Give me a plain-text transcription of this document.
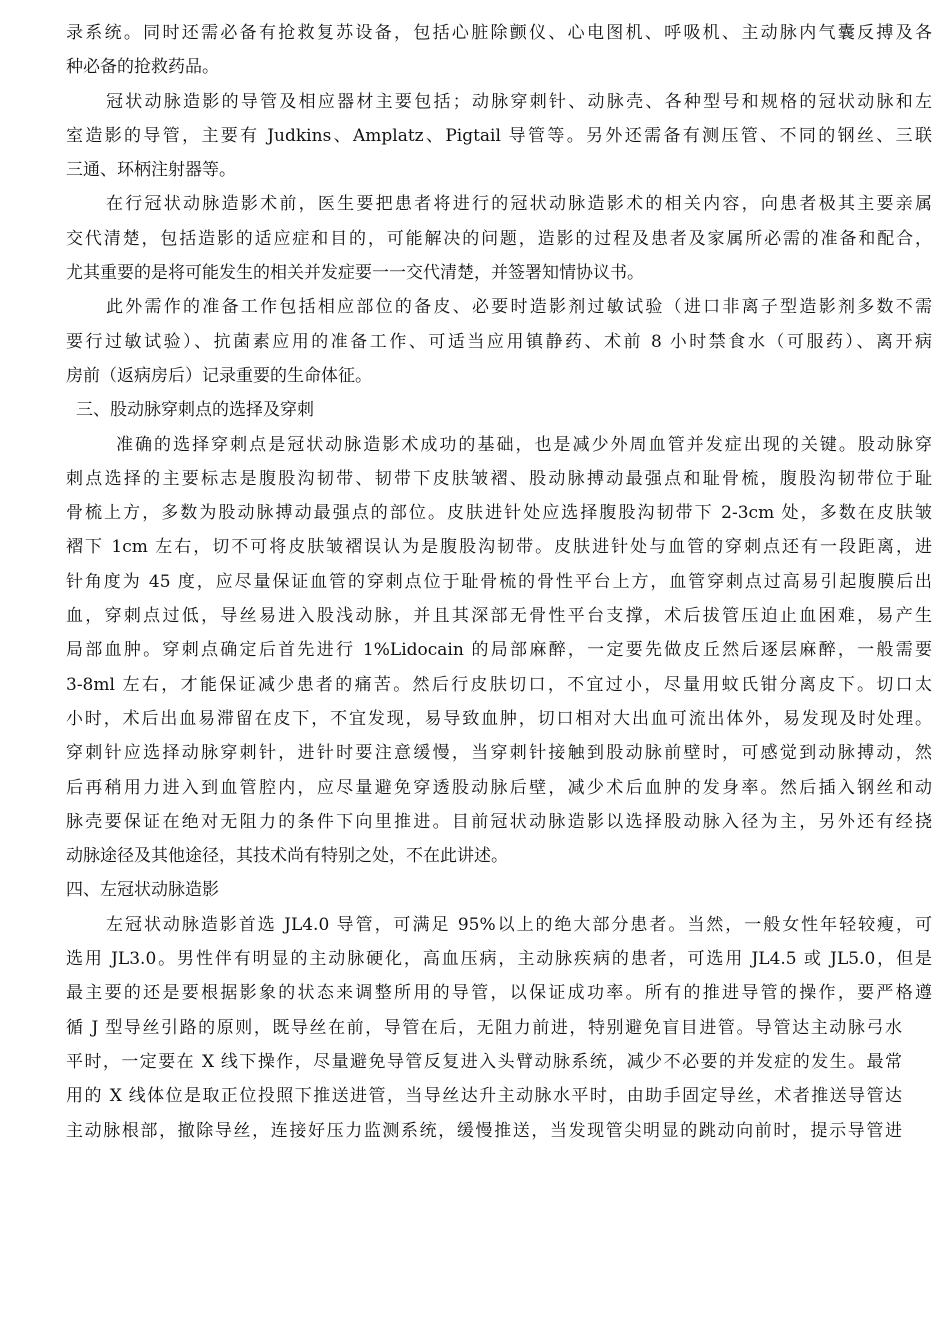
录系统。同时还需必备有抢救复苏设备，包括心脏除颤仪、心电图机、呼吸机、主动脉内气囊反搏及各
种必备的抢救药品。
冠状动脉造影的导管及相应器材主要包括；动脉穿刺针、动脉壳、各种型号和规格的冠状动脉和左
室造影的导管，主要有 Judkins、Amplatz、Pigtail 导管等。另外还需备有测压管、不同的钢丝、三联
三通、环柄注射器等。
在行冠状动脉造影术前，医生要把患者将进行的冠状动脉造影术的相关内容，向患者极其主要亲属
交代清楚，包括造影的适应症和目的，可能解决的问题，造影的过程及患者及家属所必需的准备和配合，
尤其重要的是将可能发生的相关并发症要一一交代清楚，并签署知情协议书。
此外需作的准备工作包括相应部位的备皮、必要时造影剂过敏试验（进口非离子型造影剂多数不需
要行过敏试验）、抗菌素应用的准备工作、可适当应用镇静药、术前 8 小时禁食水（可服药）、离开病
房前（返病房后）记录重要的生命体征。
三、股动脉穿刺点的选择及穿刺
准确的选择穿刺点是冠状动脉造影术成功的基础，也是减少外周血管并发症出现的关键。股动脉穿
刺点选择的主要标志是腹股沟韧带、韧带下皮肤皱褶、股动脉搏动最强点和耻骨梳，腹股沟韧带位于耻
骨梳上方，多数为股动脉搏动最强点的部位。皮肤进针处应选择腹股沟韧带下 2-3cm 处，多数在皮肤皱
褶下 1cm 左右，切不可将皮肤皱褶误认为是腹股沟韧带。皮肤进针处与血管的穿刺点还有一段距离，进
针角度为 45 度，应尽量保证血管的穿刺点位于耻骨梳的骨性平台上方，血管穿刺点过高易引起腹膜后出
血，穿刺点过低，导丝易进入股浅动脉，并且其深部无骨性平台支撑，术后拔管压迫止血困难，易产生
局部血肿。穿刺点确定后首先进行 1%Lidocain 的局部麻醉，一定要先做皮丘然后逐层麻醉，一般需要
3-8ml 左右，才能保证减少患者的痛苦。然后行皮肤切口，不宜过小，尽量用蚊氏钳分离皮下。切口太
小时，术后出血易滞留在皮下，不宜发现，易导致血肿，切口相对大出血可流出体外，易发现及时处理。
穿刺针应选择动脉穿刺针，进针时要注意缓慢，当穿刺针接触到股动脉前壁时，可感觉到动脉搏动，然
后再稍用力进入到血管腔内，应尽量避免穿透股动脉后壁，减少术后血肿的发身率。然后插入钢丝和动
脉壳要保证在绝对无阻力的条件下向里推进。目前冠状动脉造影以选择股动脉入径为主，另外还有经挠
动脉途径及其他途径，其技术尚有特别之处，不在此讲述。
四、左冠状动脉造影
左冠状动脉造影首选 JL4.0 导管，可满足 95%以上的绝大部分患者。当然，一般女性年轻较瘦，可
选用 JL3.0。男性伴有明显的主动脉硬化，高血压病，主动脉疾病的患者，可选用 JL4.5 或 JL5.0，但是
最主要的还是要根据影象的状态来调整所用的导管，以保证成功率。所有的推进导管的操作，要严格遵
循 J 型导丝引路的原则，既导丝在前，导管在后，无阻力前进，特别避免盲目进管。导管达主动脉弓水
平时，一定要在 X 线下操作，尽量避免导管反复进入头臂动脉系统，减少不必要的并发症的发生。最常
用的 X 线体位是取正位投照下推送进管，当导丝达升主动脉水平时，由助手固定导丝，术者推送导管达
主动脉根部，撤除导丝，连接好压力监测系统，缓慢推送，当发现管尖明显的跳动向前时，提示导管进
